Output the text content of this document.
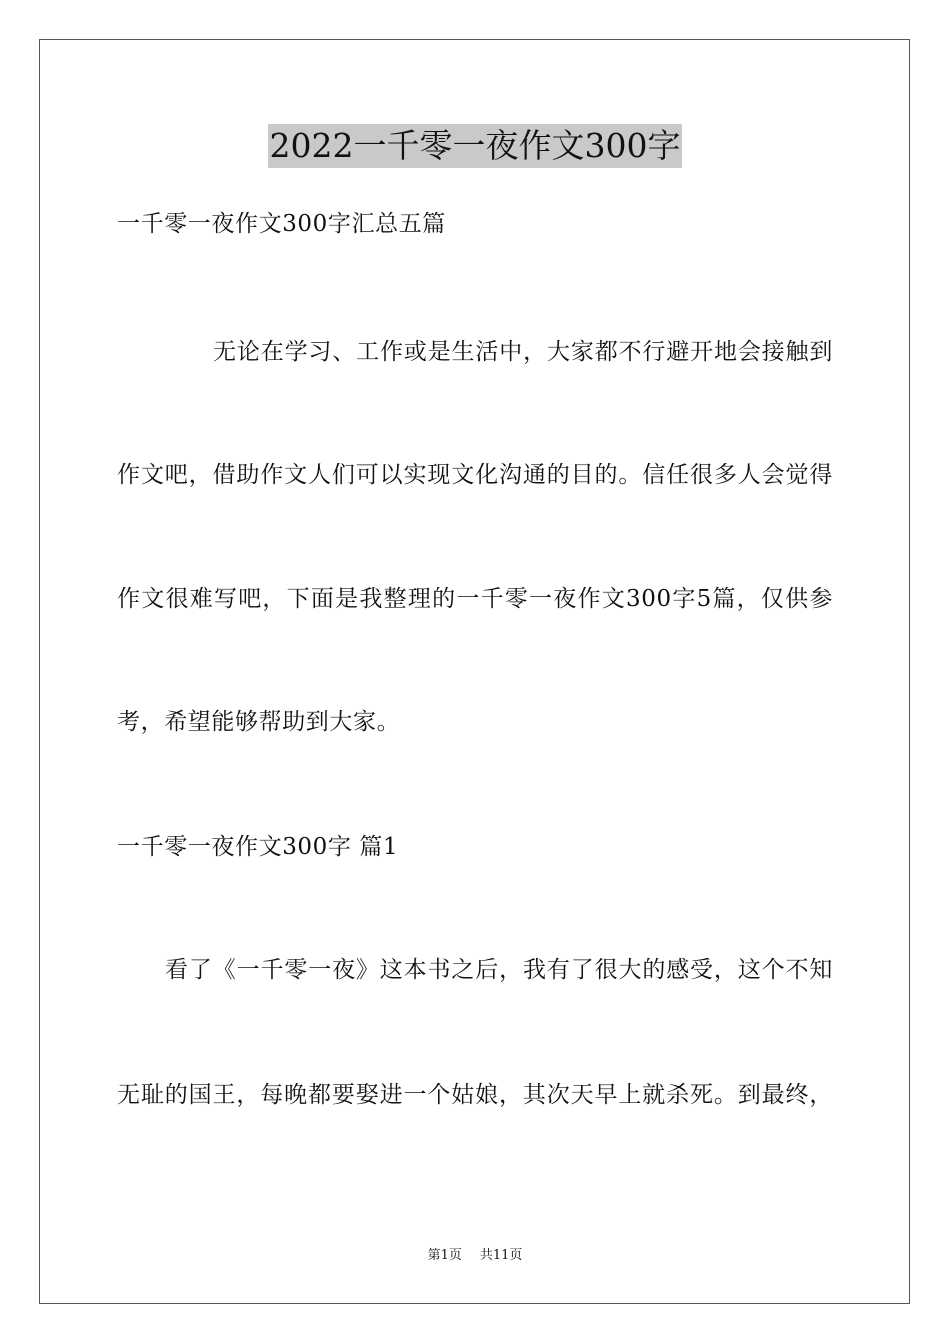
2022一千零一夜作文300字
一千零一夜作文300字汇总五篇
无论在学习、工作或是生活中，大家都不行避开地会接触到
作文吧，借助作文人们可以实现文化沟通的目的。信任很多人会觉得
作文很难写吧，下面是我整理的一千零一夜作文300字5篇，仅供参
考，希望能够帮助到大家。
一千零一夜作文300字 篇1
看了《一千零一夜》这本书之后，我有了很大的感受，这个不知
无耻的国王，每晚都要娶进一个姑娘，其次天早上就杀死。到最终，
第1页 共11页
